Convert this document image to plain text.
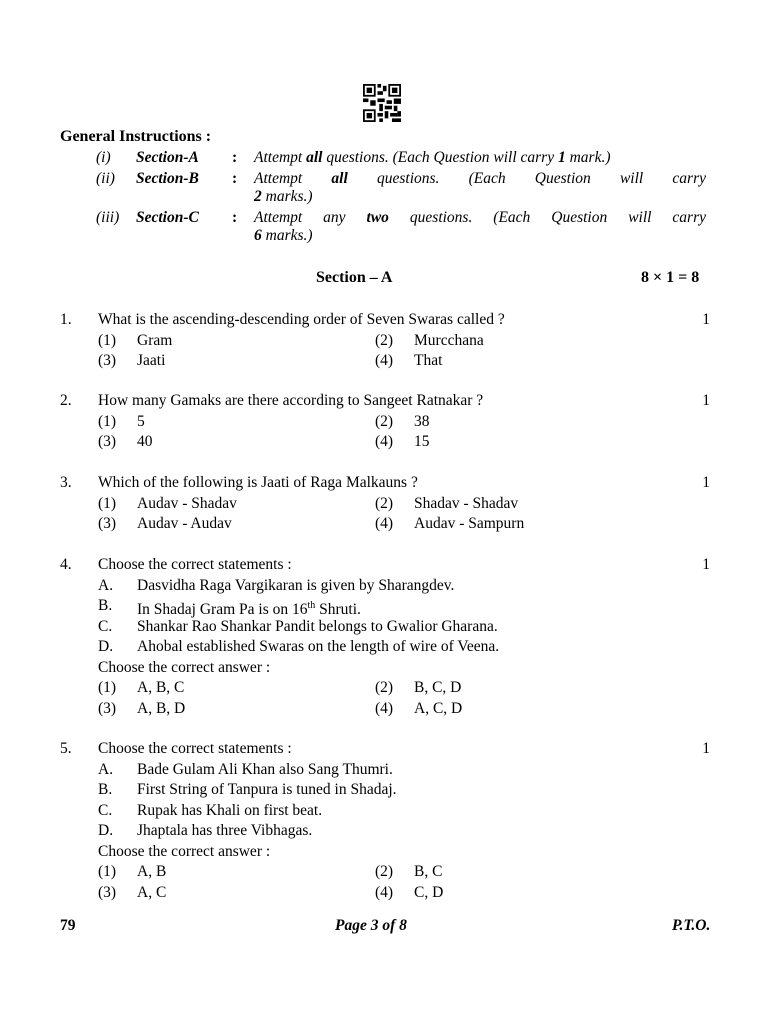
General Instructions :
(i)	Section-A	:	Attempt all questions. (Each Question will carry 1 mark.)
(ii)	Section-B	:	Attempt all questions. (Each Question will carry
2 marks.)
(iii)	Section-C	:	Attempt any two questions. (Each Question will carry
6 marks.)
Section – A	8 × 1 = 8
1.	What is the ascending-descending order of Seven Swaras called ?	1
(1)	Gram	(2)	Murcchana
(3)	Jaati	(4)	That
2.	How many Gamaks are there according to Sangeet Ratnakar ?	1
(1)	5	(2)	38
(3)	40	(4)	15
3.	Which of the following is Jaati of Raga Malkauns ?	1
(1)	Audav - Shadav	(2)	Shadav - Shadav
(3)	Audav - Audav	(4)	Audav - Sampurn
4.	Choose the correct statements :	1
A.	Dasvidha Raga Vargikaran is given by Sharangdev.
B.	In Shadaj Gram Pa is on 16th Shruti.
C.	Shankar Rao Shankar Pandit belongs to Gwalior Gharana.
D.	Ahobal established Swaras on the length of wire of Veena.
Choose the correct answer :
(1)	A, B, C	(2)	B, C, D
(3)	A, B, D	(4)	A, C, D
5.	Choose the correct statements :	1
A.	Bade Gulam Ali Khan also Sang Thumri.
B.	First String of Tanpura is tuned in Shadaj.
C.	Rupak has Khali on first beat.
D.	Jhaptala has three Vibhagas.
Choose the correct answer :
(1)	A, B	(2)	B, C
(3)	A, C	(4)	C, D
79	Page 3 of 8	P.T.O.
